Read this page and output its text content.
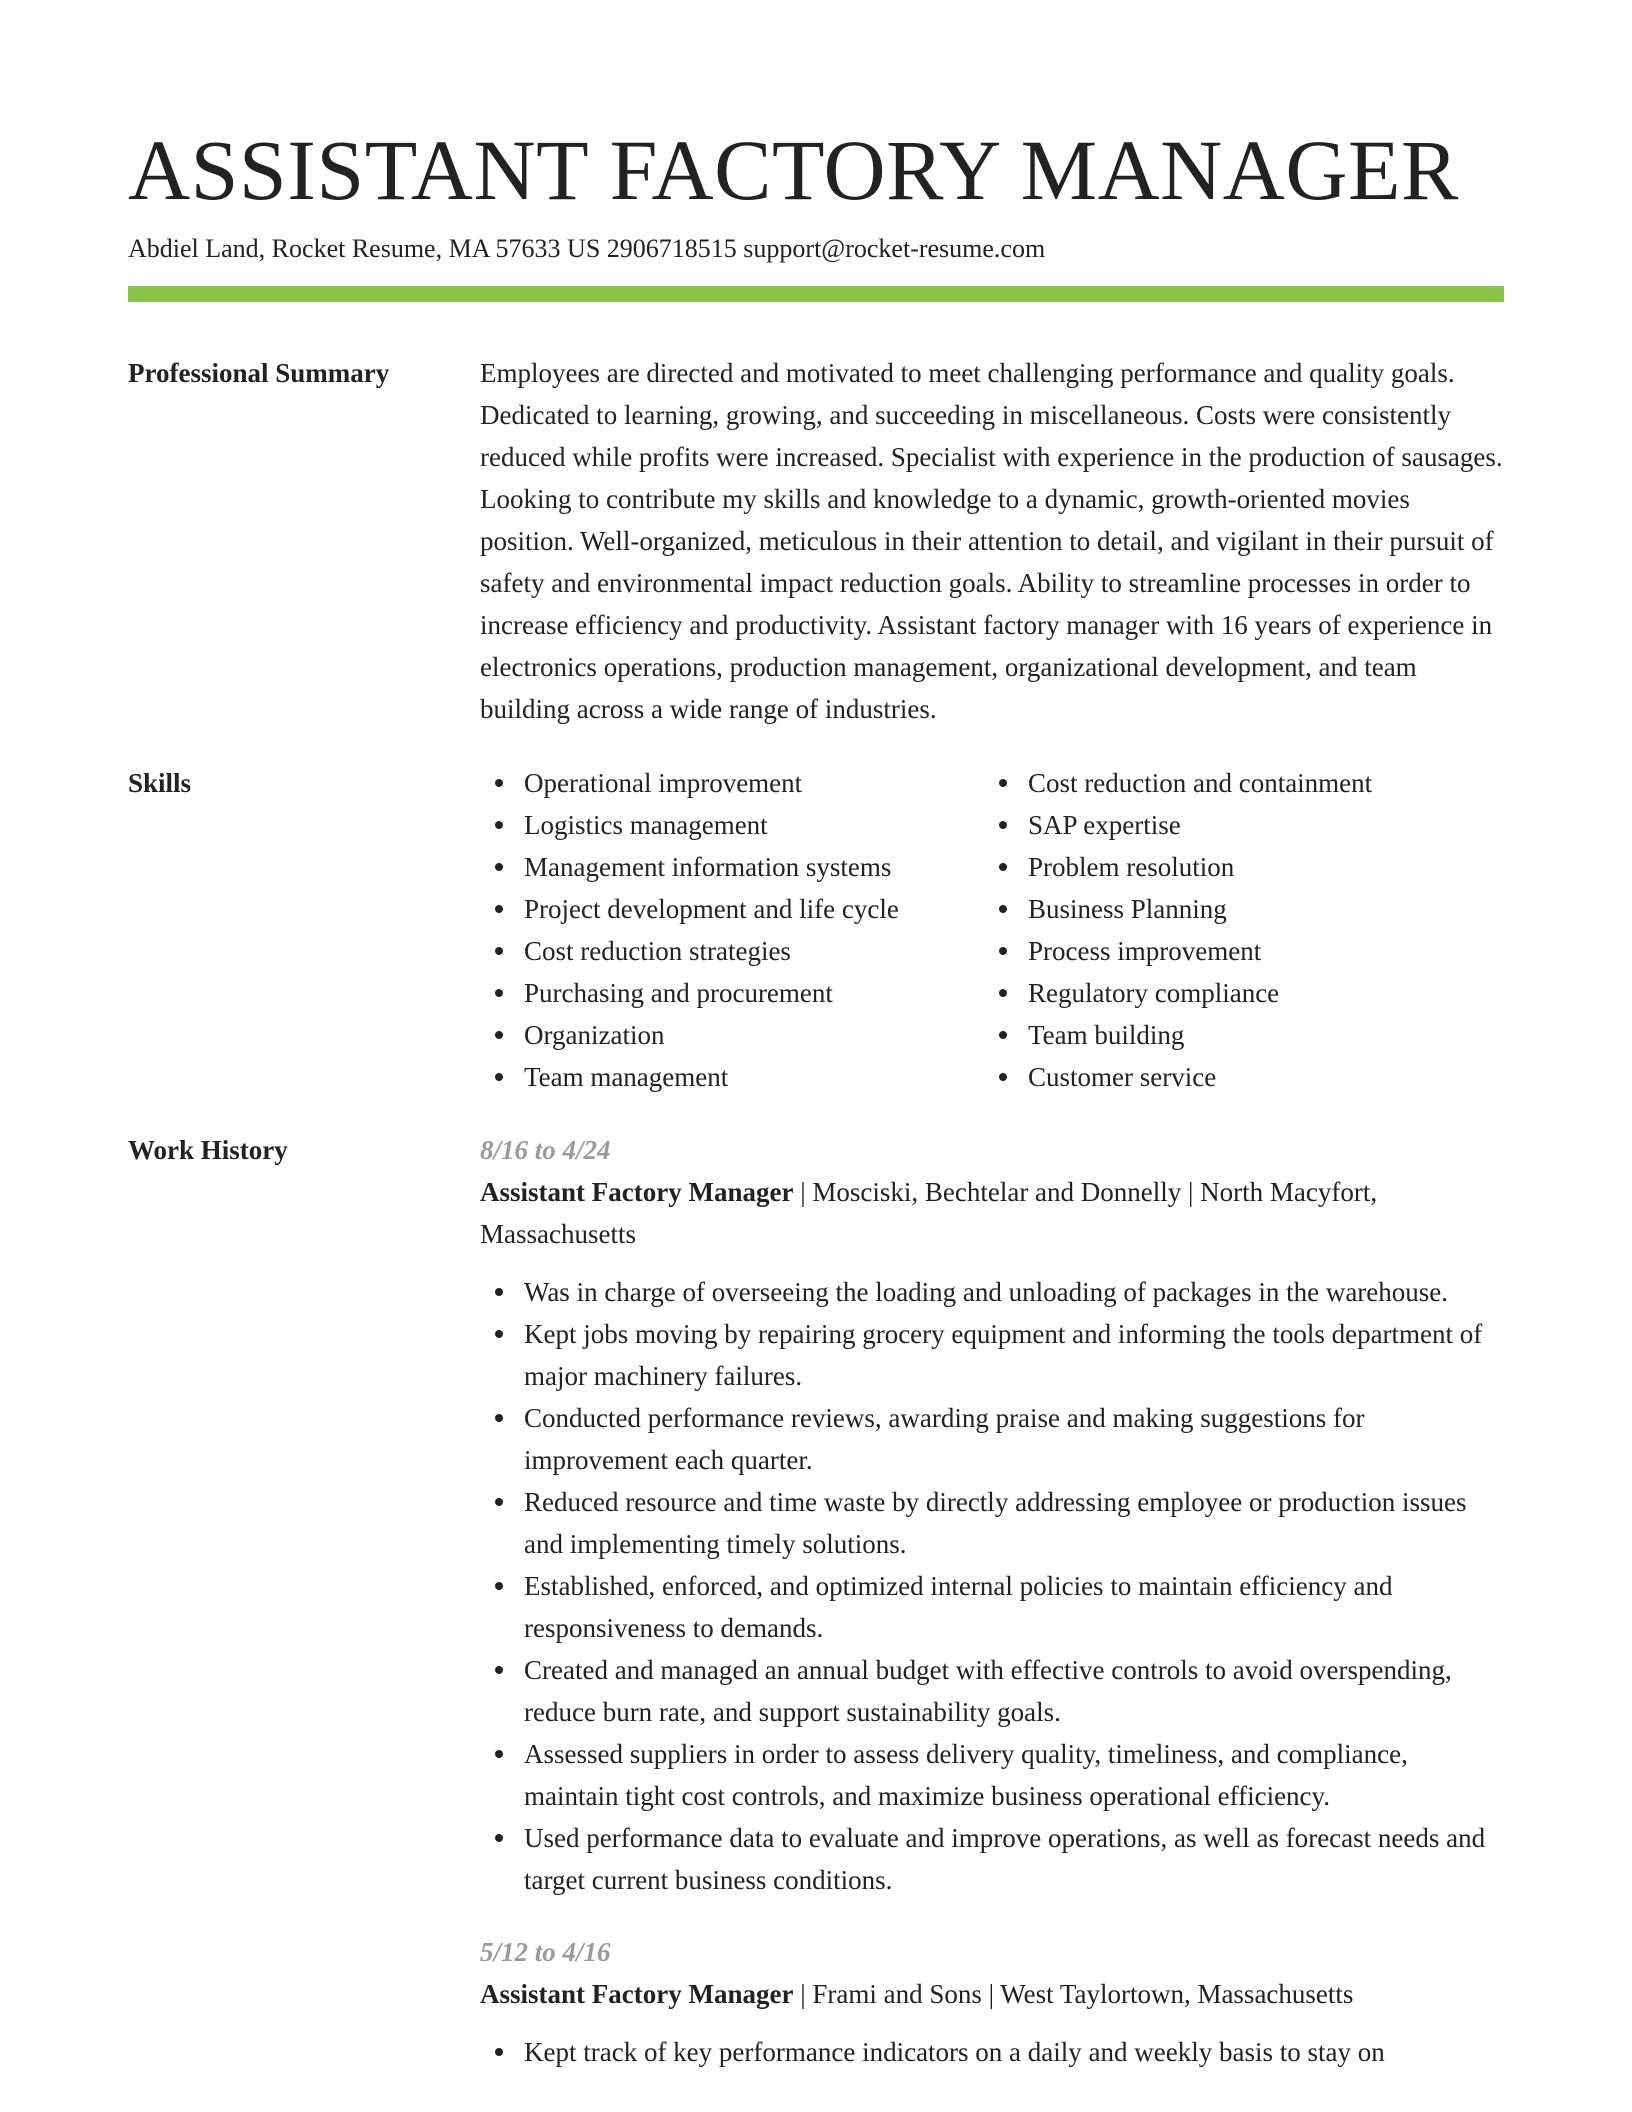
ASSISTANT FACTORY MANAGER
Abdiel Land, Rocket Resume, MA 57633 US 2906718515 support@rocket-resume.com
Professional Summary	Employees are directed and motivated to meet challenging performance and quality goals. Dedicated to learning, growing, and succeeding in miscellaneous. Costs were consistently reduced while profits were increased. Specialist with experience in the production of sausages. Looking to contribute my skills and knowledge to a dynamic, growth-oriented movies position. Well-organized, meticulous in their attention to detail, and vigilant in their pursuit of safety and environmental impact reduction goals. Ability to streamline processes in order to increase efficiency and productivity. Assistant factory manager with 16 years of experience in electronics operations, production management, organizational development, and team building across a wide range of industries.

Skills	Operational improvement
Logistics management
Management information systems
Project development and life cycle
Cost reduction strategies
Purchasing and procurement
Organization
Team management
Cost reduction and containment
SAP expertise
Problem resolution
Business Planning
Process improvement
Regulatory compliance
Team building
Customer service
Work History	8/16 to 4/24
Assistant Factory Manager | Mosciski, Bechtelar and Donnelly | North Macyfort, Massachusetts
Was in charge of overseeing the loading and unloading of packages in the warehouse.
Kept jobs moving by repairing grocery equipment and informing the tools department of major machinery failures.
Conducted performance reviews, awarding praise and making suggestions for improvement each quarter.
Reduced resource and time waste by directly addressing employee or production issues and implementing timely solutions.
Established, enforced, and optimized internal policies to maintain efficiency and responsiveness to demands.
Created and managed an annual budget with effective controls to avoid overspending, reduce burn rate, and support sustainability goals.
Assessed suppliers in order to assess delivery quality, timeliness, and compliance, maintain tight cost controls, and maximize business operational efficiency.
Used performance data to evaluate and improve operations, as well as forecast needs and target current business conditions.
5/12 to 4/16
Assistant Factory Manager | Frami and Sons | West Taylortown, Massachusetts
Kept track of key performance indicators on a daily and weekly basis to stay on
